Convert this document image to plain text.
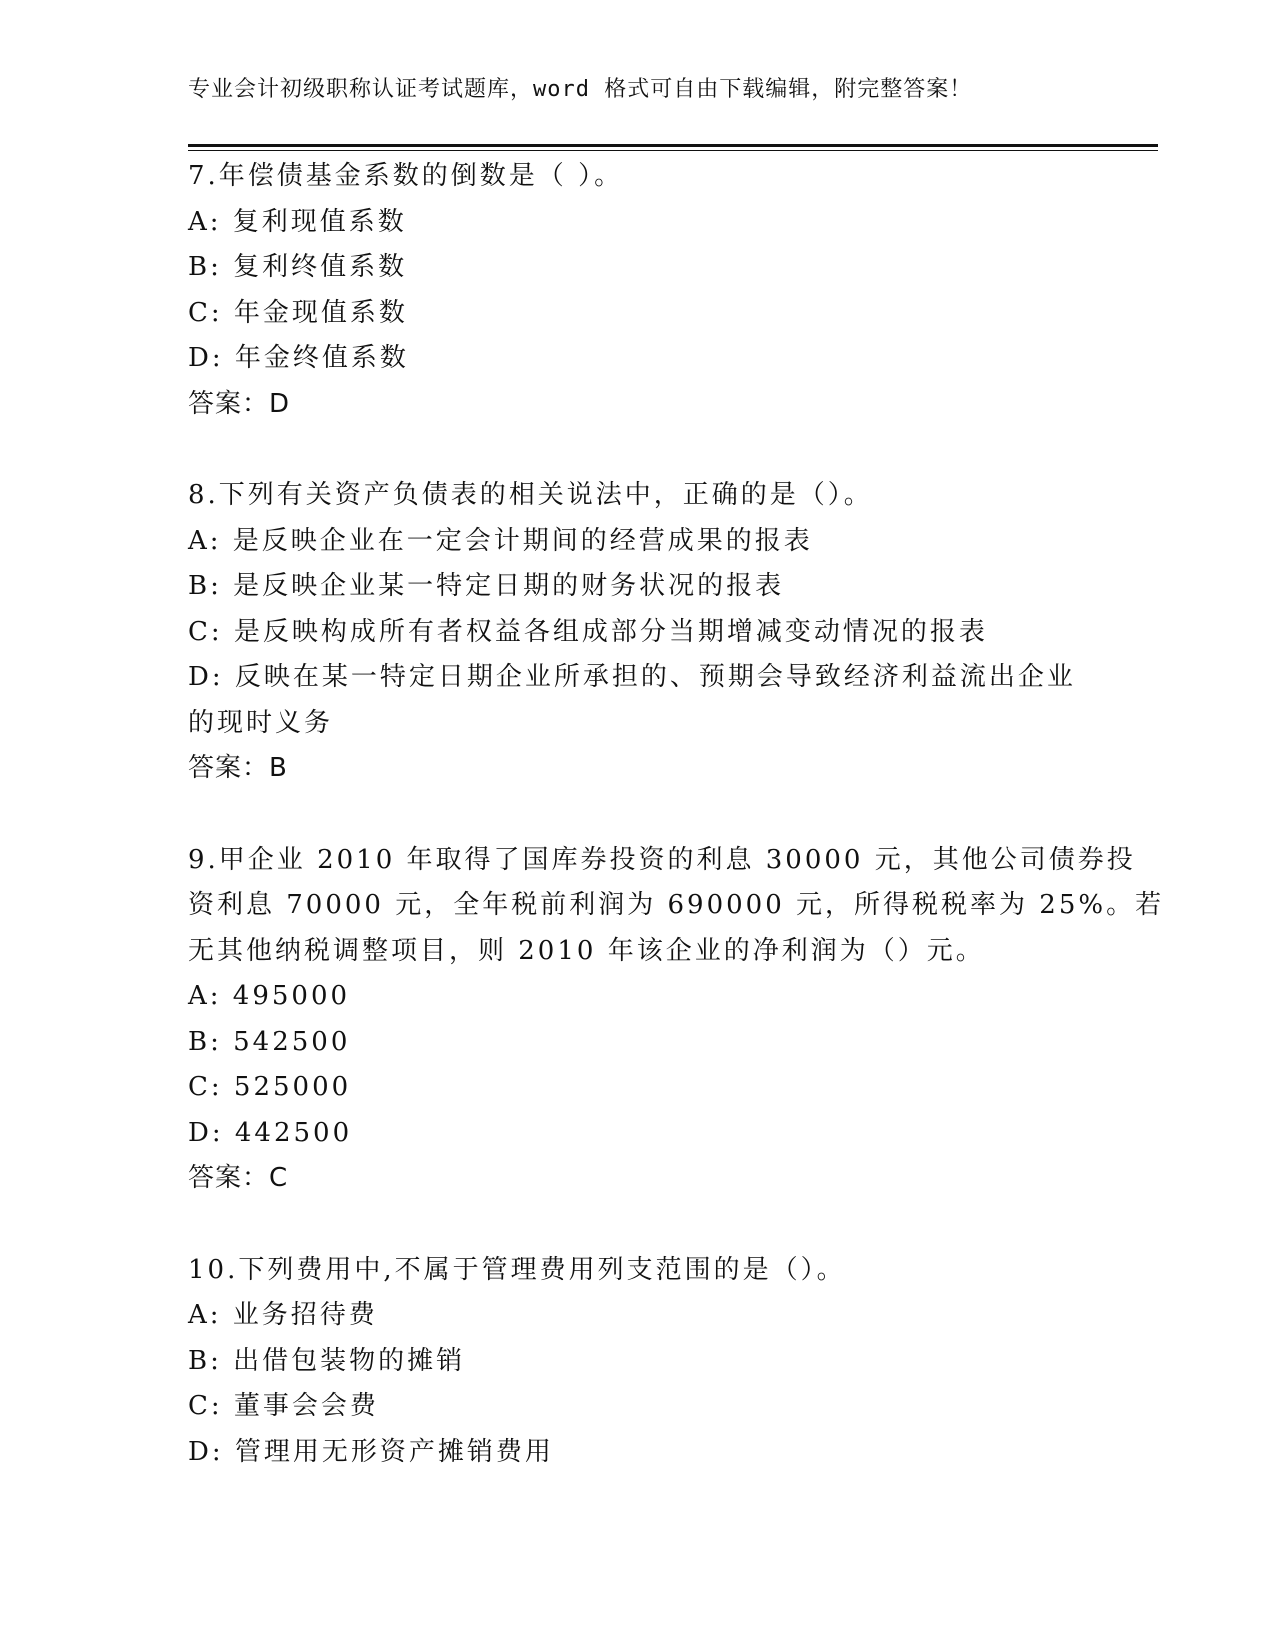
专业会计初级职称认证考试题库，word 格式可自由下载编辑，附完整答案！
7.年偿债基金系数的倒数是（ ）。
A: 复利现值系数
B: 复利终值系数
C: 年金现值系数
D: 年金终值系数
答案：D
8.下列有关资产负债表的相关说法中，正确的是（）。
A: 是反映企业在一定会计期间的经营成果的报表
B: 是反映企业某一特定日期的财务状况的报表
C: 是反映构成所有者权益各组成部分当期增减变动情况的报表
D: 反映在某一特定日期企业所承担的、预期会导致经济利益流出企业
的现时义务
答案：B
9.甲企业 2010 年取得了国库券投资的利息 30000 元，其他公司债券投
资利息 70000 元，全年税前利润为 690000 元，所得税税率为 25%。若
无其他纳税调整项目，则 2010 年该企业的净利润为（）元。
A: 495000
B: 542500
C: 525000
D: 442500
答案：C
10.下列费用中,不属于管理费用列支范围的是（）。
A: 业务招待费
B: 出借包装物的摊销
C: 董事会会费
D: 管理用无形资产摊销费用
